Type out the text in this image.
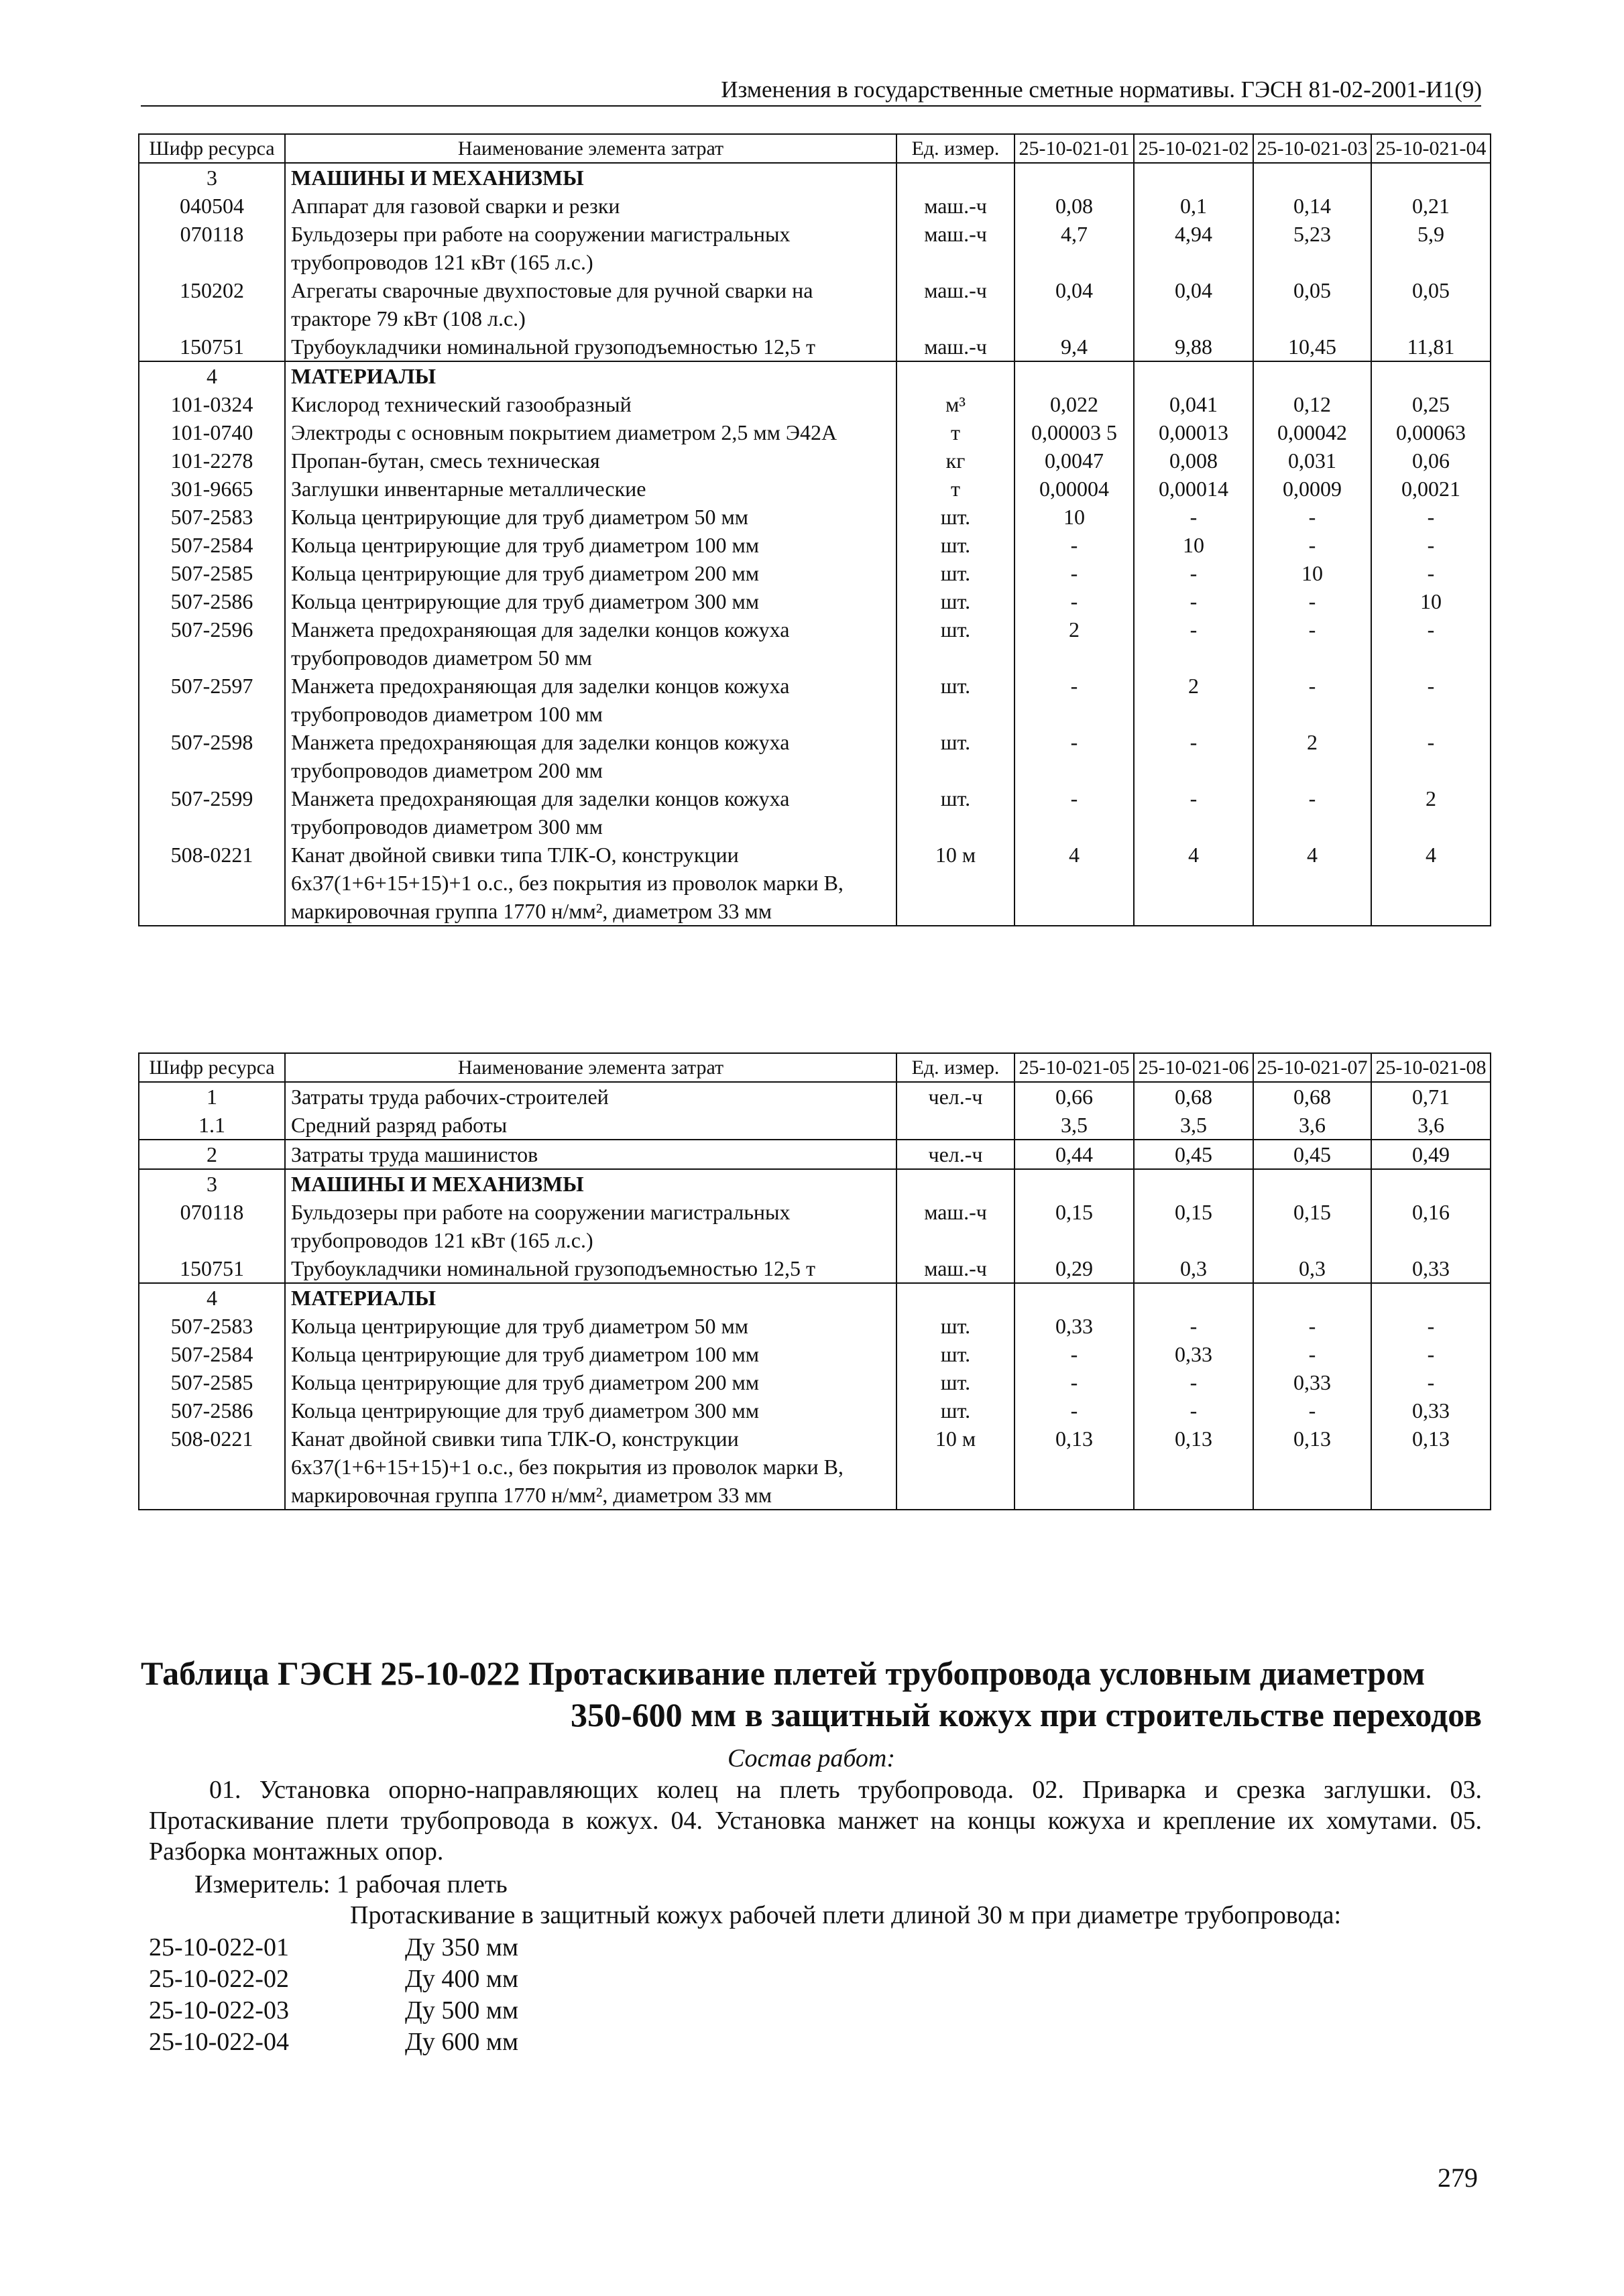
Изменения в государственные сметные нормативы. ГЭСН 81-02-2001-И1(9)
Шифр ресурса	Наименование элемента затрат	Ед. измер.	25-10-021-01	25-10-021-02	25-10-021-03	25-10-021-04
3	МАШИНЫ И МЕХАНИЗМЫ					
040504	Аппарат для газовой сварки и резки	маш.-ч	0,08	0,1	0,14	0,21
070118	Бульдозеры при работе на сооружении магистральных трубопроводов 121 кВт (165 л.с.)	маш.-ч	4,7	4,94	5,23	5,9
150202	Агрегаты сварочные двухпостовые для ручной сварки на тракторе 79 кВт (108 л.с.)	маш.-ч	0,04	0,04	0,05	0,05
150751	Трубоукладчики номинальной грузоподъемностью 12,5 т	маш.-ч	9,4	9,88	10,45	11,81
4	МАТЕРИАЛЫ					
101-0324	Кислород технический газообразный	м³	0,022	0,041	0,12	0,25
101-0740	Электроды с основным покрытием диаметром 2,5 мм Э42А	т	0,00003 5	0,00013	0,00042	0,00063
101-2278	Пропан-бутан, смесь техническая	кг	0,0047	0,008	0,031	0,06
301-9665	Заглушки инвентарные металлические	т	0,00004	0,00014	0,0009	0,0021
507-2583	Кольца центрирующие для труб диаметром 50 мм	шт.	10	-	-	-
507-2584	Кольца центрирующие для труб диаметром 100 мм	шт.	-	10	-	-
507-2585	Кольца центрирующие для труб диаметром 200 мм	шт.	-	-	10	-
507-2586	Кольца центрирующие для труб диаметром 300 мм	шт.	-	-	-	10
507-2596	Манжета предохраняющая для заделки концов кожуха трубопроводов диаметром 50 мм	шт.	2	-	-	-
507-2597	Манжета предохраняющая для заделки концов кожуха трубопроводов диаметром 100 мм	шт.	-	2	-	-
507-2598	Манжета предохраняющая для заделки концов кожуха трубопроводов диаметром 200 мм	шт.	-	-	2	-
507-2599	Манжета предохраняющая для заделки концов кожуха трубопроводов диаметром 300 мм	шт.	-	-	-	2
508-0221	Канат двойной свивки типа ТЛК-О, конструкции 6х37(1+6+15+15)+1 о.с., без покрытия из проволок марки В, маркировочная группа 1770 н/мм², диаметром 33 мм	10 м	4	4	4	4
Шифр ресурса	Наименование элемента затрат	Ед. измер.	25-10-021-05	25-10-021-06	25-10-021-07	25-10-021-08
1	Затраты труда рабочих-строителей	чел.-ч	0,66	0,68	0,68	0,71
1.1	Средний разряд работы		3,5	3,5	3,6	3,6
2	Затраты труда машинистов	чел.-ч	0,44	0,45	0,45	0,49
3	МАШИНЫ И МЕХАНИЗМЫ					
070118	Бульдозеры при работе на сооружении магистральных трубопроводов 121 кВт (165 л.с.)	маш.-ч	0,15	0,15	0,15	0,16
150751	Трубоукладчики номинальной грузоподъемностью 12,5 т	маш.-ч	0,29	0,3	0,3	0,33
4	МАТЕРИАЛЫ					
507-2583	Кольца центрирующие для труб диаметром 50 мм	шт.	0,33	-	-	-
507-2584	Кольца центрирующие для труб диаметром 100 мм	шт.	-	0,33	-	-
507-2585	Кольца центрирующие для труб диаметром 200 мм	шт.	-	-	0,33	-
507-2586	Кольца центрирующие для труб диаметром 300 мм	шт.	-	-	-	0,33
508-0221	Канат двойной свивки типа ТЛК-О, конструкции 6х37(1+6+15+15)+1 о.с., без покрытия из проволок марки В, маркировочная группа 1770 н/мм², диаметром 33 мм	10 м	0,13	0,13	0,13	0,13
Таблица ГЭСН 25-10-022 Протаскивание плетей трубопровода условным диаметром
350-600 мм в защитный кожух при строительстве переходов
Состав работ:
01. Установка опорно-направляющих колец на плеть трубопровода. 02. Приварка и срезка заглушки. 03. Протаскивание плети трубопровода в кожух. 04. Установка манжет на концы кожуха и крепление их хомутами. 05. Разборка монтажных опор.
Измеритель: 1 рабочая плеть
Протаскивание в защитный кожух рабочей плети длиной 30 м при диаметре трубопровода:
25-10-022-01	Ду 350 мм
25-10-022-02	Ду 400 мм
25-10-022-03	Ду 500 мм
25-10-022-04	Ду 600 мм
279
